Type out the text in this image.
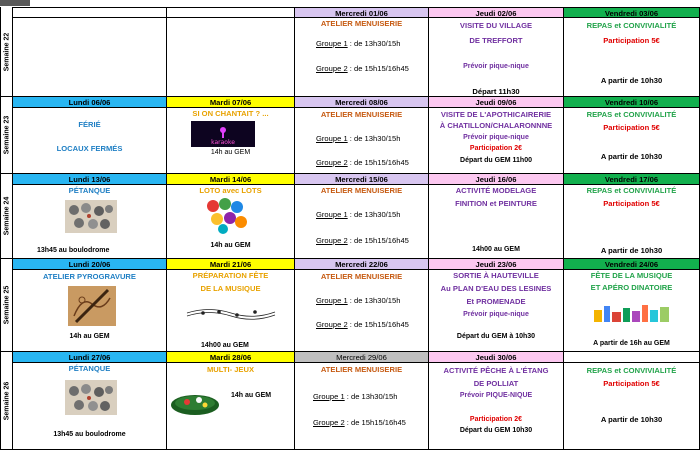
Semaine 22
Mercredi 01/06
ATELIER MENUISERIE
Groupe 1 : de 13h30/15h
Groupe 2 : de 15h15/16h45
Jeudi 02/06
VISITE DU VILLAGE
DE TREFFORT
Prévoir pique-nique
Départ 11h30
Vendredi 03/06
REPAS et CONVIVIALITÉ
Participation 5€
A partir de 10h30
Semaine 23
Lundi 06/06
FÉRIÉ
LOCAUX FERMÉS
Mardi 07/06
SI ON CHANTAIT ? ...
karaoke
14h au GEM
Mercredi 08/06
ATELIER MENUISERIE
Groupe 1 : de 13h30/15h
Groupe 2 : de 15h15/16h45
Jeudi 09/06
VISITE DE L'APOTHICAIRERIE
À CHATILLON/CHALARONNNE
Prévoir pique-nique
Participation 2€
Départ du GEM 11h00
Vendredi 10/06
REPAS et CONVIVIALITÉ
Participation 5€
A partir de 10h30
Semaine 24
Lundi 13/06
PÉTANQUE
13h45 au boulodrome
Mardi 14/06
LOTO avec LOTS
14h au GEM
Mercredi 15/06
ATELIER MENUISERIE
Groupe 1 : de 13h30/15h
Groupe 2 : de 15h15/16h45
Jeudi 16/06
ACTIVITÉ MODELAGE
FINITION et PEINTURE
14h00 au GEM
Vendredi 17/06
REPAS et CONVIVIALITÉ
Participation 5€
A partir de 10h30
Semaine 25
Lundi 20/06
ATELIER PYROGRAVURE
14h au GEM
Mardi 21/06
PRÉPARATION FÊTE
DE LA MUSIQUE
14h00 au GEM
Mercredi 22/06
ATELIER MENUISERIE
Groupe 1 : de 13h30/15h
Groupe 2 : de 15h15/16h45
Jeudi 23/06
SORTIE À HAUTEVILLE
Au PLAN D'EAU DES LESINES
Et PROMENADE
Prévoir pique-nique
Départ du GEM à 10h30
Vendredi 24/06
FÊTE DE LA MUSIQUE
ET APÉRO DINATOIRE
A partir de 16h au GEM
Semaine 26
Lundi 27/06
PÉTANQUE
13h45 au boulodrome
Mardi 28/06
MULTI- JEUX
14h au GEM
Mercredi 29/06
ATELIER MENUISERIE
Groupe 1 : de 13h30/15h
Groupe 2 : de 15h15/16h45
Jeudi 30/06
ACTIVITÉ PÊCHE À L'ÉTANG
DE POLLIAT
Prévoir PIQUE-NIQUE
Participation 2€
Départ du GEM 10h30
REPAS et CONVIVIALITÉ
Participation 5€
A partir de 10h30
